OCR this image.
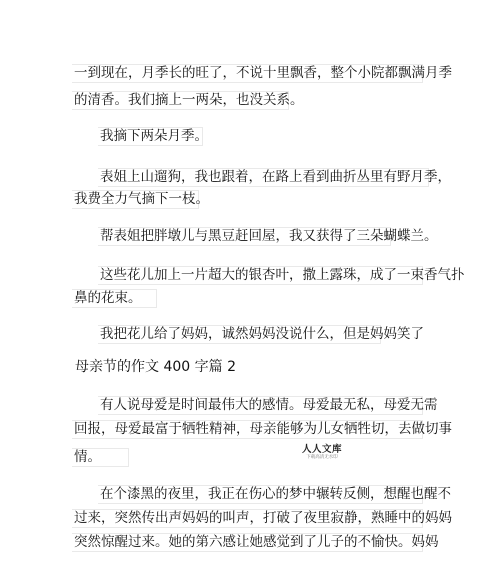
一到现在，月季长的旺了，不说十里飘香，整个小院都飘满月季
的清香。我们摘上一两朵，也没关系。
我摘下两朵月季。
表姐上山遛狗，我也跟着，在路上看到曲折丛里有野月季，
我费全力气摘下一枝。
帮表姐把胖墩儿与黑豆赶回屋，我又获得了三朵蝴蝶兰。
这些花儿加上一片超大的银杏叶，撒上露珠，成了一束香气扑
鼻的花束。
我把花儿给了妈妈，诚然妈妈没说什么，但是妈妈笑了
母亲节的作文 400 字篇 2
有人说母爱是时间最伟大的感情。母爱最无私，母爱无需
回报，母爱最富于牺牲精神，母亲能够为儿女牺牲切，去做切事
情。	人人文库
下载高清无水印
在个漆黑的夜里，我正在伤心的梦中辗转反侧，想醒也醒不
过来，突然传出声妈妈的叫声，打破了夜里寂静，熟睡中的妈妈
突然惊醒过来。她的第六感让她感觉到了儿子的不愉快。妈妈
